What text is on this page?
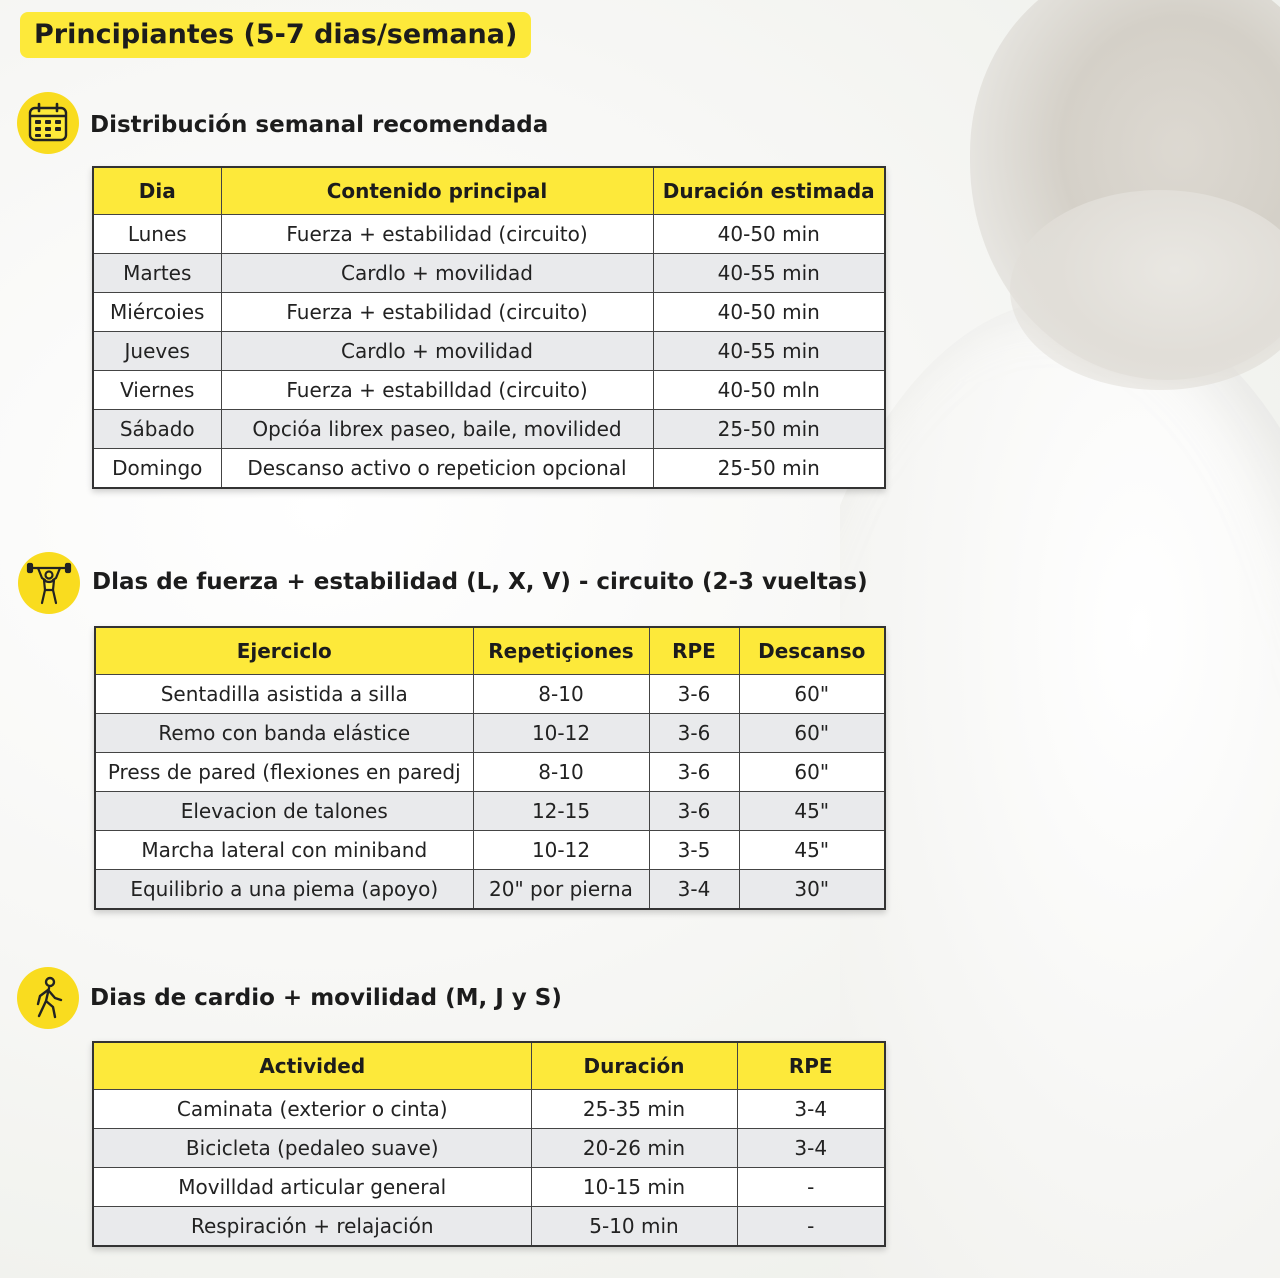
Principiantes (5-7 dias/semana)
Distribución semanal recomendada
Dia	Contenido principal	Duración estimada
Lunes	Fuerza + estabilidad (circuito)	40-50 min
Martes	Cardlo + movilidad	40-55 min
Miércoies	Fuerza + estabilidad (circuito)	40-50 min
Jueves	Cardlo + movilidad	40-55 min
Viernes	Fuerza + estabilldad (circuito)	40-50 mln
Sábado	Opcióa librex paseo, baile, movilided	25-50 min
Domingo	Descanso activo o repeticion opcional	25-50 min
Dlas de fuerza + estabilidad (L, X, V) - circuito (2-3 vueltas)
Ejerciclo	Repetiçiones	RPE	Descanso
Sentadilla asistida a silla	8-10	3-6	60"
Remo con banda elástice	10-12	3-6	60"
Press de pared (flexiones en paredj	8-10	3-6	60"
Elevacion de talones	12-15	3-6	45"
Marcha lateral con miniband	10-12	3-5	45"
Equilibrio a una piema (apoyo)	20" por pierna	3-4	30"
Dias de cardio + movilidad (M, J y S)
Activided	Duración	RPE
Caminata (exterior o cinta)	25-35 min	3-4
Bicicleta (pedaleo suave)	20-26 min	3-4
Movilldad articular general	10-15 min	-
Respiración + relajación	5-10 min	-
